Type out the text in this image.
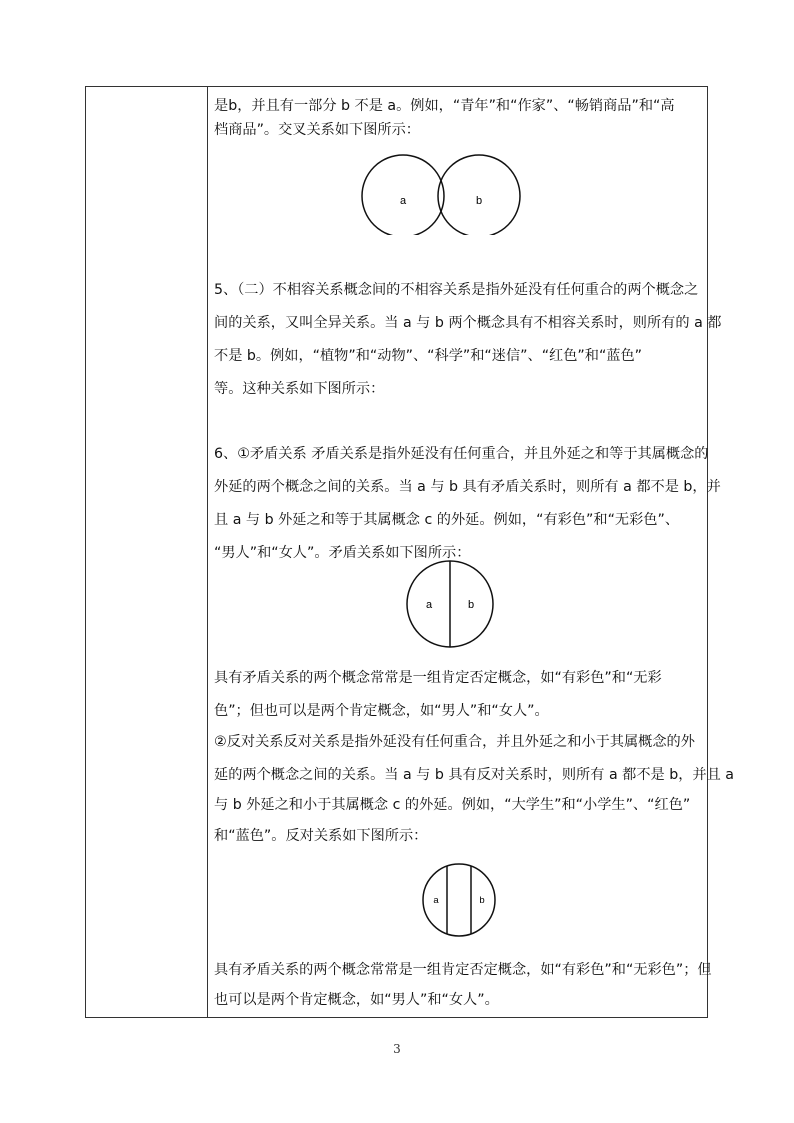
是b，并且有一部分 b 不是 a。例如，“青年”和“作家”、“畅销商品”和“高
档商品”。交叉关系如下图所示：
a	b
5、（二）不相容关系概念间的不相容关系是指外延没有任何重合的两个概念之
间的关系，又叫全异关系。当 a 与 b 两个概念具有不相容关系时，则所有的 a 都
不是 b。例如，“植物”和“动物”、“科学”和“迷信”、“红色”和“蓝色”
等。这种关系如下图所示：
6、①矛盾关系 矛盾关系是指外延没有任何重合，并且外延之和等于其属概念的
外延的两个概念之间的关系。当 a 与 b 具有矛盾关系时，则所有 a 都不是 b，并
且 a 与 b 外延之和等于其属概念 c 的外延。例如，“有彩色”和“无彩色”、
“男人”和“女人”。矛盾关系如下图所示：
a	b
具有矛盾关系的两个概念常常是一组肯定否定概念，如“有彩色”和“无彩
色”；但也可以是两个肯定概念，如“男人”和“女人”。
②反对关系反对关系是指外延没有任何重合，并且外延之和小于其属概念的外
延的两个概念之间的关系。当 a 与 b 具有反对关系时，则所有 a 都不是 b，并且 a
与 b 外延之和小于其属概念 c 的外延。例如，“大学生”和“小学生”、“红色”
和“蓝色”。反对关系如下图所示：
a	b
具有矛盾关系的两个概念常常是一组肯定否定概念，如“有彩色”和“无彩色”；但
也可以是两个肯定概念，如“男人”和“女人”。
3
